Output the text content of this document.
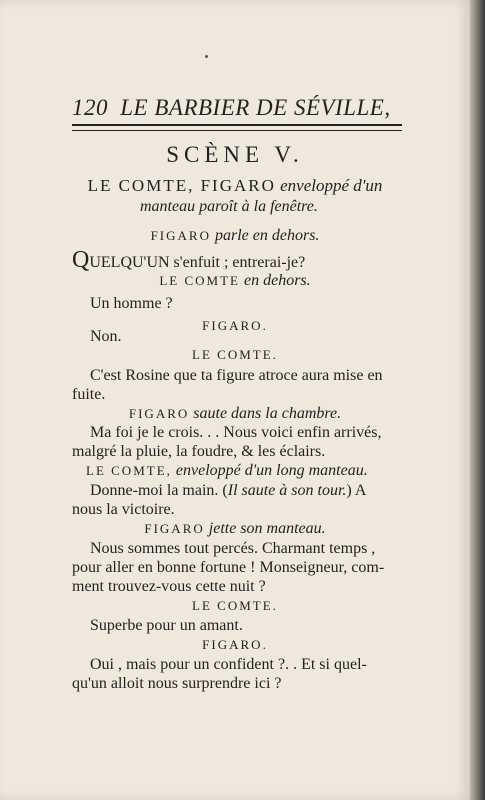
120 LE BARBIER DE SÉVILLE,
SCÈNE V.
LE COMTE, FIGARO enveloppé d'un
manteau paroît à la fenêtre.
FIGARO parle en dehors.
QUELQU'UN s'enfuit ; entrerai-je?
LE COMTE en dehors.
Un homme ?
FIGARO.
Non.
LE COMTE.
C'est Rosine que ta figure atroce aura mise en
fuite.
FIGARO saute dans la chambre.
Ma foi je le crois. . . Nous voici enfin arrivés,
malgré la pluie, la foudre, & les éclairs.
LE COMTE, enveloppé d'un long manteau.
Donne-moi la main. (Il saute à son tour.) A
nous la victoire.
FIGARO jette son manteau.
Nous sommes tout percés. Charmant temps ,
pour aller en bonne fortune ! Monseigneur, com-
ment trouvez-vous cette nuit ?
LE COMTE.
Superbe pour un amant.
FIGARO.
Oui , mais pour un confident ?. . Et si quel-
qu'un alloit nous surprendre ici ?
